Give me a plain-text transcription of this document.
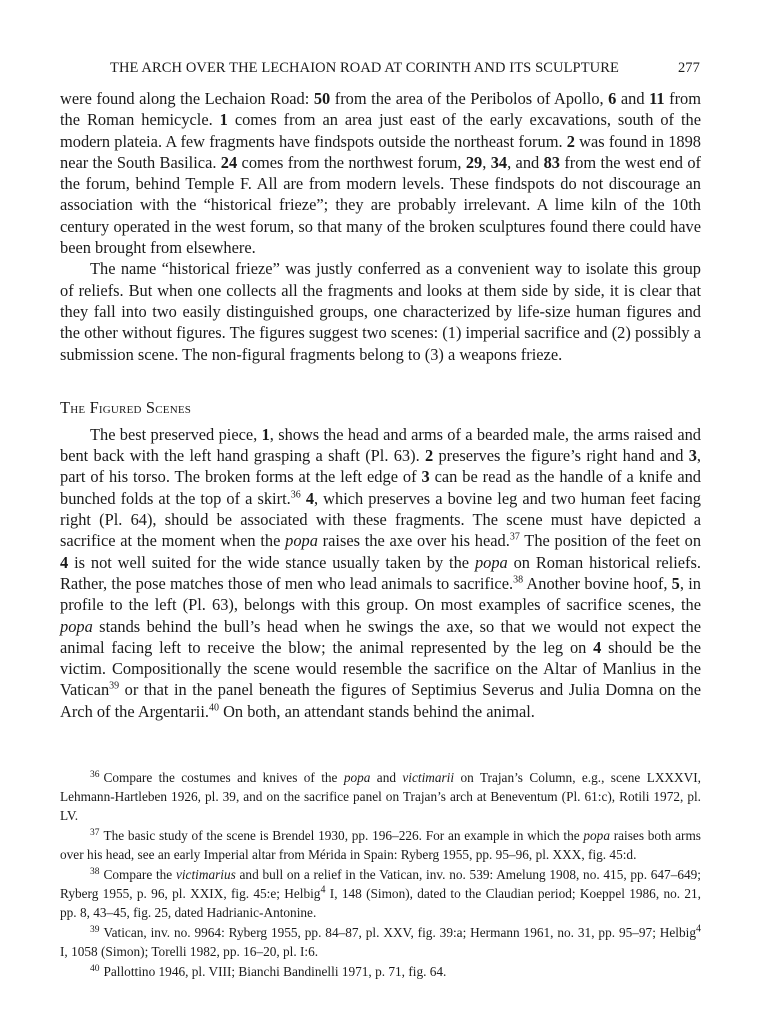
THE ARCH OVER THE LECHAION ROAD AT CORINTH AND ITS SCULPTURE	277

were found along the Lechaion Road: 50 from the area of the Peribolos of Apollo, 6 and 11 from the Roman hemicycle. 1 comes from an area just east of the early excavations, south of the modern plateia. A few fragments have findspots outside the northeast forum. 2 was found in 1898 near the South Basilica. 24 comes from the northwest forum, 29, 34, and 83 from the west end of the forum, behind Temple F. All are from modern levels. These findspots do not discourage an association with the “historical frieze”; they are probably irrelevant. A lime kiln of the 10th century operated in the west forum, so that many of the broken sculptures found there could have been brought from elsewhere.

The name “historical frieze” was justly conferred as a convenient way to isolate this group of reliefs. But when one collects all the fragments and looks at them side by side, it is clear that they fall into two easily distinguished groups, one characterized by life-size human figures and the other without figures. The figures suggest two scenes: (1) imperial sacrifice and (2) possibly a submission scene. The non-figural fragments belong to (3) a weapons frieze.

The Figured Scenes

The best preserved piece, 1, shows the head and arms of a bearded male, the arms raised and bent back with the left hand grasping a shaft (Pl. 63). 2 preserves the figure’s right hand and 3, part of his torso. The broken forms at the left edge of 3 can be read as the handle of a knife and bunched folds at the top of a skirt.$^{36}$ 4, which preserves a bovine leg and two human feet facing right (Pl. 64), should be associated with these fragments. The scene must have depicted a sacrifice at the moment when the popa raises the axe over his head.$^{37}$ The position of the feet on 4 is not well suited for the wide stance usually taken by the popa on Roman historical reliefs. Rather, the pose matches those of men who lead animals to sacrifice.$^{38}$ Another bovine hoof, 5, in profile to the left (Pl. 63), belongs with this group. On most examples of sacrifice scenes, the popa stands behind the bull’s head when he swings the axe, so that we would not expect the animal facing left to receive the blow; the animal represented by the leg on 4 should be the victim. Compositionally the scene would resemble the sacrifice on the Altar of Manlius in the Vatican$^{39}$ or that in the panel beneath the figures of Septimius Severus and Julia Domna on the Arch of the Argentarii.$^{40}$ On both, an attendant stands behind the animal.

$^{36}$ Compare the costumes and knives of the popa and victimarii on Trajan’s Column, e.g., scene LXXXVI, Lehmann-Hartleben 1926, pl. 39, and on the sacrifice panel on Trajan’s arch at Beneventum (Pl. 61:c), Rotili 1972, pl. LV.

$^{37}$ The basic study of the scene is Brendel 1930, pp. 196–226. For an example in which the popa raises both arms over his head, see an early Imperial altar from Mérida in Spain: Ryberg 1955, pp. 95–96, pl. XXX, fig. 45:d.

$^{38}$ Compare the victimarius and bull on a relief in the Vatican, inv. no. 539: Amelung 1908, no. 415, pp. 647–649; Ryberg 1955, p. 96, pl. XXIX, fig. 45:e; Helbig$^4$ I, 148 (Simon), dated to the Claudian period; Koeppel 1986, no. 21, pp. 8, 43–45, fig. 25, dated Hadrianic-Antonine.

$^{39}$ Vatican, inv. no. 9964: Ryberg 1955, pp. 84–87, pl. XXV, fig. 39:a; Hermann 1961, no. 31, pp. 95–97; Helbig$^4$ I, 1058 (Simon); Torelli 1982, pp. 16–20, pl. I:6.

$^{40}$ Pallottino 1946, pl. VIII; Bianchi Bandinelli 1971, p. 71, fig. 64.
